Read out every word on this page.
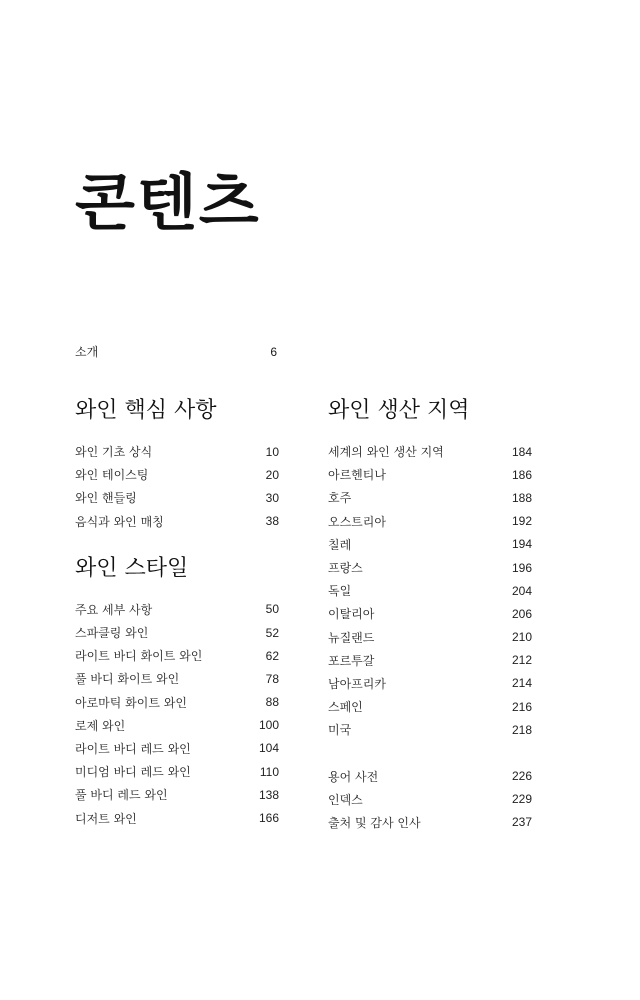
콘텐츠
소개	6
와인 핵심 사항
와인 기초 상식	10
와인 테이스팅	20
와인 핸들링	30
음식과 와인 매칭	38
와인 스타일
주요 세부 사항	50
스파클링 와인	52
라이트 바디 화이트 와인	62
풀 바디 화이트 와인	78
아로마틱 화이트 와인	88
로제 와인	100
라이트 바디 레드 와인	104
미디엄 바디 레드 와인	110
풀 바디 레드 와인	138
디저트 와인	166
와인 생산 지역
세계의 와인 생산 지역	184
아르헨티나	186
호주	188
오스트리아	192
칠레	194
프랑스	196
독일	204
이탈리아	206
뉴질랜드	210
포르투갈	212
남아프리카	214
스페인	216
미국	218
용어 사전	226
인덱스	229
출처 및 감사 인사	237
